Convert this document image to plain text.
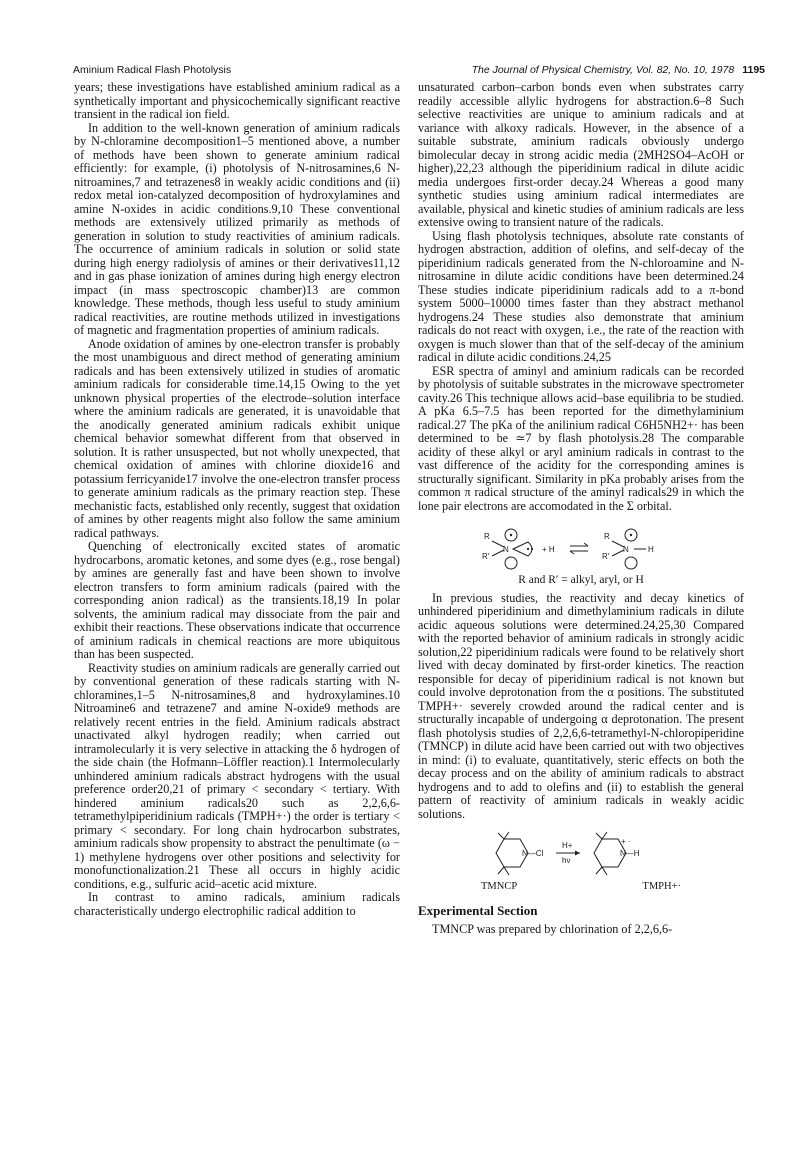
Aminium Radical Flash Photolysis	The Journal of Physical Chemistry, Vol. 82, No. 10, 1978 1195

years; these investigations have established aminium radical as a synthetically important and physicochemically significant reactive transient in the radical ion field.

In addition to the well-known generation of aminium radicals by N-chloramine decomposition1–5 mentioned above, a number of methods have been shown to generate aminium radical efficiently: for example, (i) photolysis of N-nitrosamines,6 N-nitroamines,7 and tetrazenes8 in weakly acidic conditions and (ii) redox metal ion-catalyzed decomposition of hydroxylamines and amine N-oxides in acidic conditions.9,10 These conventional methods are extensively utilized primarily as methods of generation in solution to study reactivities of aminium radicals. The occurrence of aminium radicals in solution or solid state during high energy radiolysis of amines or their derivatives11,12 and in gas phase ionization of amines during high energy electron impact (in mass spectroscopic chamber)13 are common knowledge. These methods, though less useful to study aminium radical reactivities, are routine methods utilized in investigations of magnetic and fragmentation properties of aminium radicals.

Anode oxidation of amines by one-electron transfer is probably the most unambiguous and direct method of generating aminium radicals and has been extensively utilized in studies of aromatic aminium radicals for considerable time.14,15 Owing to the yet unknown physical properties of the electrode–solution interface where the aminium radicals are generated, it is unavoidable that the anodically generated aminium radicals exhibit unique chemical behavior somewhat different from that observed in solution. It is rather unsuspected, but not wholly unexpected, that chemical oxidation of amines with chlorine dioxide16 and potassium ferricyanide17 involve the one-electron transfer process to generate aminium radicals as the primary reaction step. These mechanistic facts, established only recently, suggest that oxidation of amines by other reagents might also follow the same aminium radical pathways.

Quenching of electronically excited states of aromatic hydrocarbons, aromatic ketones, and some dyes (e.g., rose bengal) by amines are generally fast and have been shown to involve electron transfers to form aminium radicals (paired with the corresponding anion radical) as the transients.18,19 In polar solvents, the aminium radical may dissociate from the pair and exhibit their reactions. These observations indicate that occurrence of aminium radicals in chemical reactions are more ubiquitous than has been suspected.

Reactivity studies on aminium radicals are generally carried out by conventional generation of these radicals starting with N-chloramines,1–5 N-nitrosamines,8 and hydroxylamines.10 Nitroamine6 and tetrazene7 and amine N-oxide9 methods are relatively recent entries in the field. Aminium radicals abstract unactivated alkyl hydrogen readily; when carried out intramolecularly it is very selective in attacking the δ hydrogen of the side chain (the Hofmann–Löffler reaction).1 Intermolecularly unhindered aminium radicals abstract hydrogens with the usual preference order20,21 of primary < secondary < tertiary. With hindered aminium radicals20 such as 2,2,6,6-tetramethylpiperidinium radicals (TMPH+·) the order is tertiary < primary < secondary. For long chain hydrocarbon substrates, aminium radicals show propensity to abstract the penultimate (ω − 1) methylene hydrogens over other positions and selectivity for monofunctionalization.21 These all occurs in highly acidic conditions, e.g., sulfuric acid–acetic acid mixture.

In contrast to amino radicals, aminium radicals characteristically undergo electrophilic radical addition to

unsaturated carbon–carbon bonds even when substrates carry readily accessible allylic hydrogens for abstraction.6–8 Such selective reactivities are unique to aminium radicals and at variance with alkoxy radicals. However, in the absence of a suitable substrate, aminium radicals obviously undergo bimolecular decay in strong acidic media (2MH2SO4–AcOH or higher),22,23 although the piperidinium radical in dilute acidic media undergoes first-order decay.24 Whereas a good many synthetic studies using aminium radical intermediates are available, physical and kinetic studies of aminium radicals are less extensive owing to transient nature of the radicals.

Using flash photolysis techniques, absolute rate constants of hydrogen abstraction, addition of olefins, and self-decay of the piperidinium radicals generated from the N-chloroamine and N-nitrosamine in dilute acidic conditions have been determined.24 These studies indicate piperidinium radicals add to a π-bond system 5000–10000 times faster than they abstract methanol hydrogens.24 These studies also demonstrate that aminium radicals do not react with oxygen, i.e., the rate of the reaction with oxygen is much slower than that of the self-decay of the aminium radical in dilute acidic conditions.24,25

ESR spectra of aminyl and aminium radicals can be recorded by photolysis of suitable substrates in the microwave spectrometer cavity.26 This technique allows acid–base equilibria to be studied. A pKa 6.5–7.5 has been reported for the dimethylaminium radical.27 The pKa of the anilinium radical C6H5NH2+· has been determined to be ≃7 by flash photolysis.28 The comparable acidity of these alkyl or aryl aminium radicals in contrast to the vast difference of the acidity for the corresponding amines is structurally significant. Similarity in pKa probably arises from the common π radical structure of the aminyl radicals29 in which the lone pair electrons are accomodated in the Σ orbital.

R
R′
N	+ H
R
R′
N H
R and R′ = alkyl, aryl, or H

In previous studies, the reactivity and decay kinetics of unhindered piperidinium and dimethylaminium radicals in dilute acidic aqueous solutions were determined.24,25,30 Compared with the reported behavior of aminium radicals in strongly acidic solution,22 piperidinium radicals were found to be relatively short lived with decay dominated by first-order kinetics. The reaction responsible for decay of piperidinium radical is not known but could involve deprotonation from the α positions. The substituted TMPH+· severely crowded around the radical center and is structurally incapable of undergoing α deprotonation. The present flash photolysis studies of 2,2,6,6-tetramethyl-N-chloropiperidine (TMNCP) in dilute acid have been carried out with two objectives in mind: (i) to evaluate, quantitatively, steric effects on both the decay process and on the ability of aminium radicals to abstract hydrogens and to add to olefins and (ii) to establish the general pattern of reactivity of aminium radicals in weakly acidic solutions.

N—Cl
H+
hν
+ ·
N—H
TMNCP	TMPH+·
Experimental Section

TMNCP was prepared by chlorination of 2,2,6,6-
